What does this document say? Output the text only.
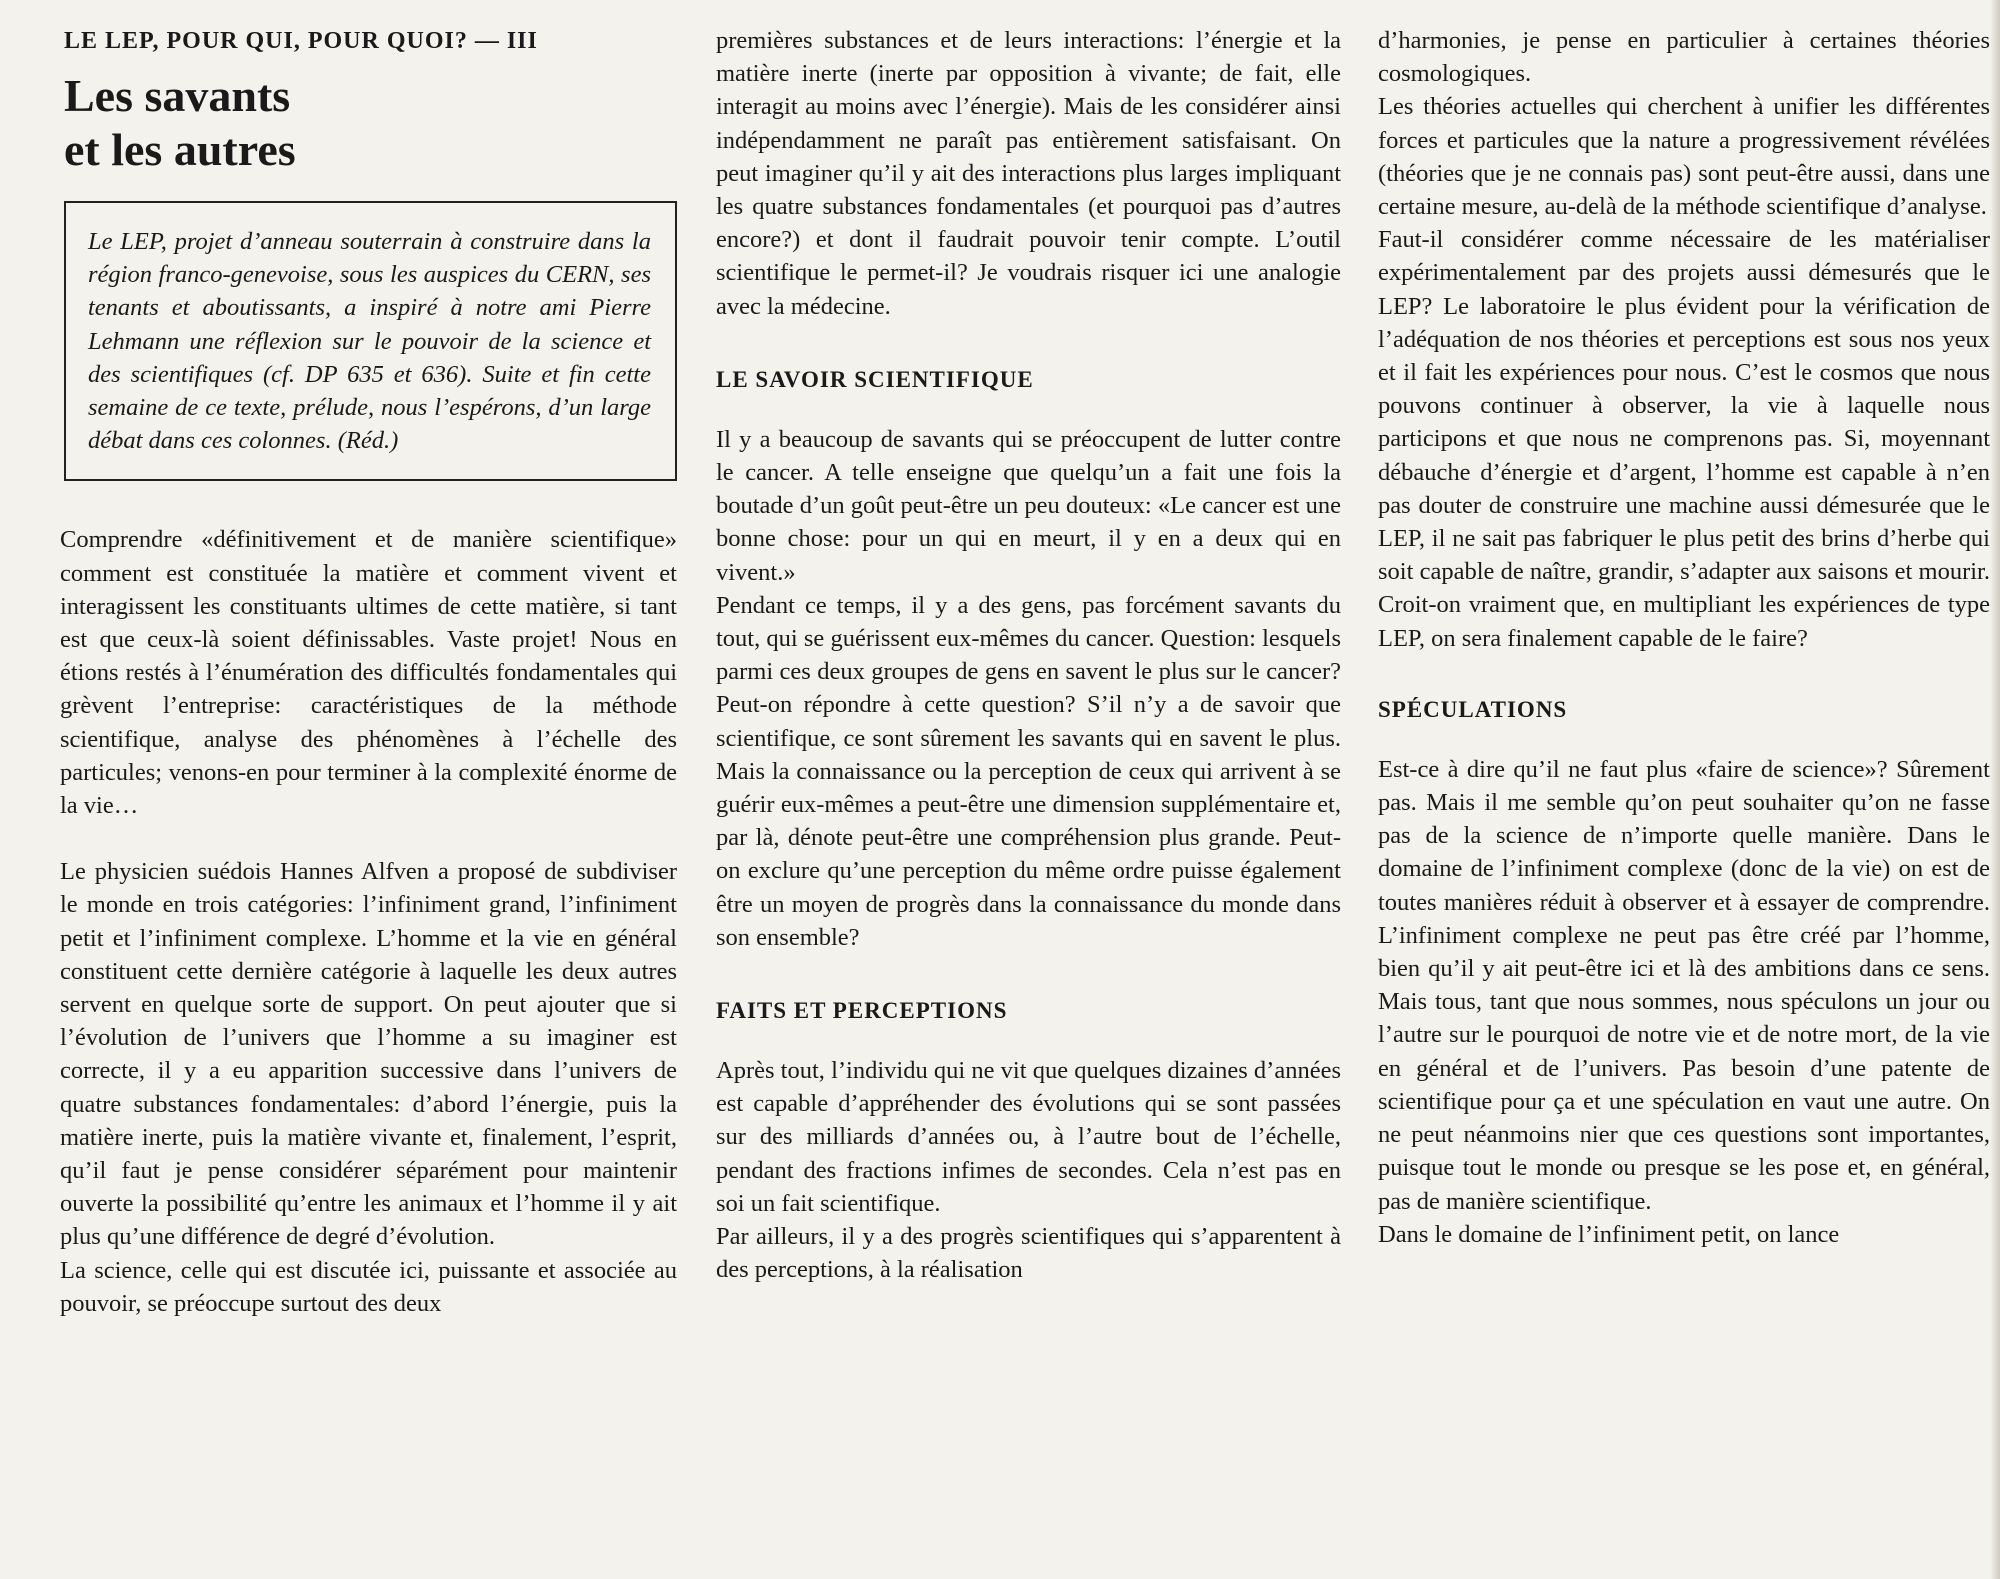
LE LEP, POUR QUI, POUR QUOI? — III
Les savants
et les autres
Le LEP, projet d’anneau souterrain à construire dans la région franco-genevoise, sous les auspices du CERN, ses tenants et aboutissants, a inspiré à notre ami Pierre Lehmann une réflexion sur le pouvoir de la science et des scientifiques (cf. DP 635 et 636). Suite et fin cette semaine de ce texte, prélude, nous l’espérons, d’un large débat dans ces colonnes. (Réd.)

Comprendre «définitivement et de manière scientifique» comment est constituée la matière et comment vivent et interagissent les constituants ultimes de cette matière, si tant est que ceux-là soient définissables. Vaste projet! Nous en étions restés à l’énumération des difficultés fondamentales qui grèvent l’entreprise: caractéristiques de la méthode scientifique, analyse des phénomènes à l’échelle des particules; venons-en pour terminer à la complexité énorme de la vie…

Le physicien suédois Hannes Alfven a proposé de subdiviser le monde en trois catégories: l’infiniment grand, l’infiniment petit et l’infiniment complexe. L’homme et la vie en général constituent cette dernière catégorie à laquelle les deux autres servent en quelque sorte de support. On peut ajouter que si l’évolution de l’univers que l’homme a su imaginer est correcte, il y a eu apparition successive dans l’univers de quatre substances fondamentales: d’abord l’énergie, puis la matière inerte, puis la matière vivante et, finalement, l’esprit, qu’il faut je pense considérer séparément pour maintenir ouverte la possibilité qu’entre les animaux et l’homme il y ait plus qu’une différence de degré d’évolution.

La science, celle qui est discutée ici, puissante et associée au pouvoir, se préoccupe surtout des deux

premières substances et de leurs interactions: l’énergie et la matière inerte (inerte par opposition à vivante; de fait, elle interagit au moins avec l’énergie). Mais de les considérer ainsi indépendamment ne paraît pas entièrement satisfaisant. On peut imaginer qu’il y ait des interactions plus larges impliquant les quatre substances fondamentales (et pourquoi pas d’autres encore?) et dont il faudrait pouvoir tenir compte. L’outil scientifique le permet-il? Je voudrais risquer ici une analogie avec la médecine.

LE SAVOIR SCIENTIFIQUE

Il y a beaucoup de savants qui se préoccupent de lutter contre le cancer. A telle enseigne que quelqu’un a fait une fois la boutade d’un goût peut-être un peu douteux: «Le cancer est une bonne chose: pour un qui en meurt, il y en a deux qui en vivent.»

Pendant ce temps, il y a des gens, pas forcément savants du tout, qui se guérissent eux-mêmes du cancer. Question: lesquels parmi ces deux groupes de gens en savent le plus sur le cancer? Peut-on répondre à cette question? S’il n’y a de savoir que scientifique, ce sont sûrement les savants qui en savent le plus. Mais la connaissance ou la perception de ceux qui arrivent à se guérir eux-mêmes a peut-être une dimension supplémentaire et, par là, dénote peut-être une compréhension plus grande. Peut-on exclure qu’une perception du même ordre puisse également être un moyen de progrès dans la connaissance du monde dans son ensemble?

FAITS ET PERCEPTIONS

Après tout, l’individu qui ne vit que quelques dizaines d’années est capable d’appréhender des évolutions qui se sont passées sur des milliards d’années ou, à l’autre bout de l’échelle, pendant des fractions infimes de secondes. Cela n’est pas en soi un fait scientifique.

Par ailleurs, il y a des progrès scientifiques qui s’apparentent à des perceptions, à la réalisation

d’harmonies, je pense en particulier à certaines théories cosmologiques.

Les théories actuelles qui cherchent à unifier les différentes forces et particules que la nature a progressivement révélées (théories que je ne connais pas) sont peut-être aussi, dans une certaine mesure, au-delà de la méthode scientifique d’analyse.

Faut-il considérer comme nécessaire de les matérialiser expérimentalement par des projets aussi démesurés que le LEP? Le laboratoire le plus évident pour la vérification de l’adéquation de nos théories et perceptions est sous nos yeux et il fait les expériences pour nous. C’est le cosmos que nous pouvons continuer à observer, la vie à laquelle nous participons et que nous ne comprenons pas. Si, moyennant débauche d’énergie et d’argent, l’homme est capable à n’en pas douter de construire une machine aussi démesurée que le LEP, il ne sait pas fabriquer le plus petit des brins d’herbe qui soit capable de naître, grandir, s’adapter aux saisons et mourir. Croit-on vraiment que, en multipliant les expériences de type LEP, on sera finalement capable de le faire?

SPÉCULATIONS

Est-ce à dire qu’il ne faut plus «faire de science»? Sûrement pas. Mais il me semble qu’on peut souhaiter qu’on ne fasse pas de la science de n’importe quelle manière. Dans le domaine de l’infiniment complexe (donc de la vie) on est de toutes manières réduit à observer et à essayer de comprendre. L’infiniment complexe ne peut pas être créé par l’homme, bien qu’il y ait peut-être ici et là des ambitions dans ce sens. Mais tous, tant que nous sommes, nous spéculons un jour ou l’autre sur le pourquoi de notre vie et de notre mort, de la vie en général et de l’univers. Pas besoin d’une patente de scientifique pour ça et une spéculation en vaut une autre. On ne peut néanmoins nier que ces questions sont importantes, puisque tout le monde ou presque se les pose et, en général, pas de manière scientifique.

Dans le domaine de l’infiniment petit, on lance
